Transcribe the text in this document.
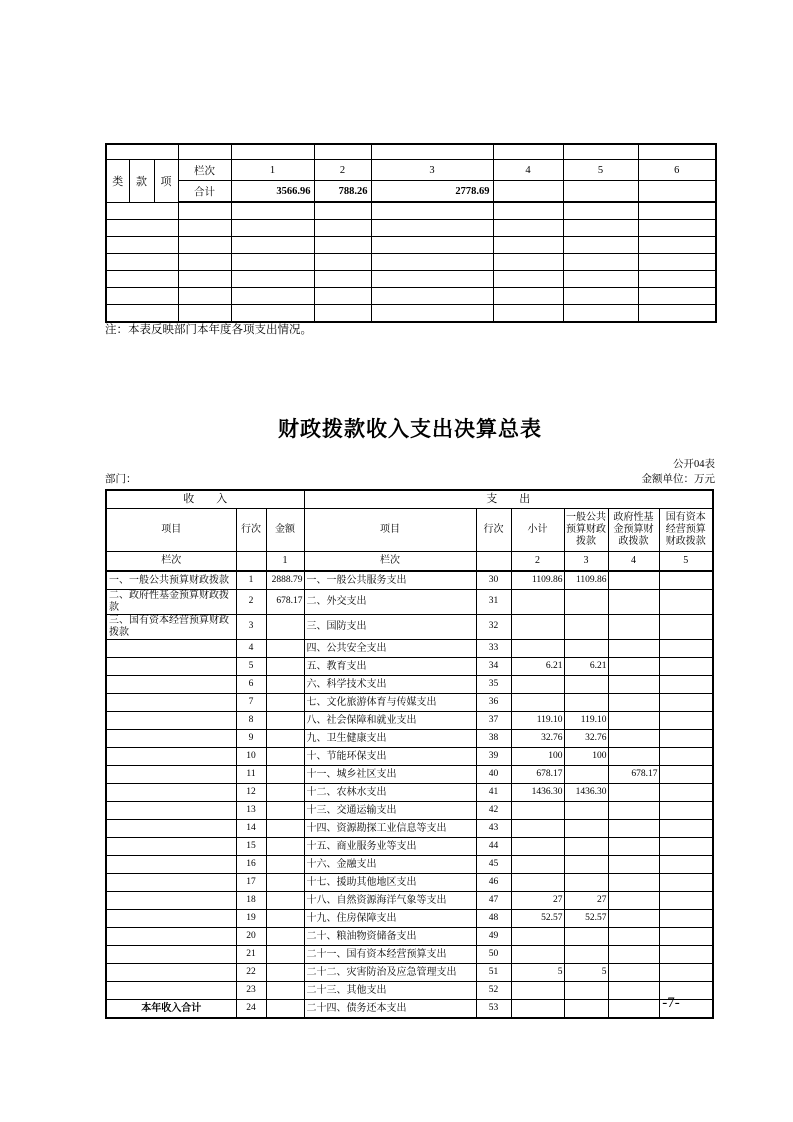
类	款	项	栏次	1	2	3	4	5	6
			合计	3566.96	788.26	2778.69			

注：本表反映部门本年度各项支出情况。
财政拨款收入支出决算总表
公开04表
金额单位：万元
部门：
收　　入			支　　出					
项目	行次	金额	项目	行次	小计	一般公共预算财政拨款	政府性基金预算财政拨款	国有资本经营预算财政拨款
栏次		1	栏次		2	3	4	5
一、一般公共预算财政拨款	1	2888.79	一、一般公共服务支出	30	1109.86	1109.86		
二、政府性基金预算财政拨款	2	678.17	二、外交支出	31				
三、国有资本经营预算财政拨款	3		三、国防支出	32				
	4		四、公共安全支出	33				
	5		五、教育支出	34	6.21	6.21		
	6		六、科学技术支出	35				
	7		七、文化旅游体育与传媒支出	36				
	8		八、社会保障和就业支出	37	119.10	119.10		
	9		九、卫生健康支出	38	32.76	32.76		
	10		十、节能环保支出	39	100	100		
	11		十一、城乡社区支出	40	678.17		678.17	
	12		十二、农林水支出	41	1436.30	1436.30		
	13		十三、交通运输支出	42				
	14		十四、资源勘探工业信息等支出	43				
	15		十五、商业服务业等支出	44				
	16		十六、金融支出	45				
	17		十七、援助其他地区支出	46				
	18		十八、自然资源海洋气象等支出	47	27	27		
	19		十九、住房保障支出	48	52.57	52.57		
	20		二十、粮油物资储备支出	49				
	21		二十一、国有资本经营预算支出	50				
	22		二十二、灾害防治及应急管理支出	51	5	5		
	23		二十三、其他支出	52				
本年收入合计	24		二十四、债务还本支出	53					-7-
